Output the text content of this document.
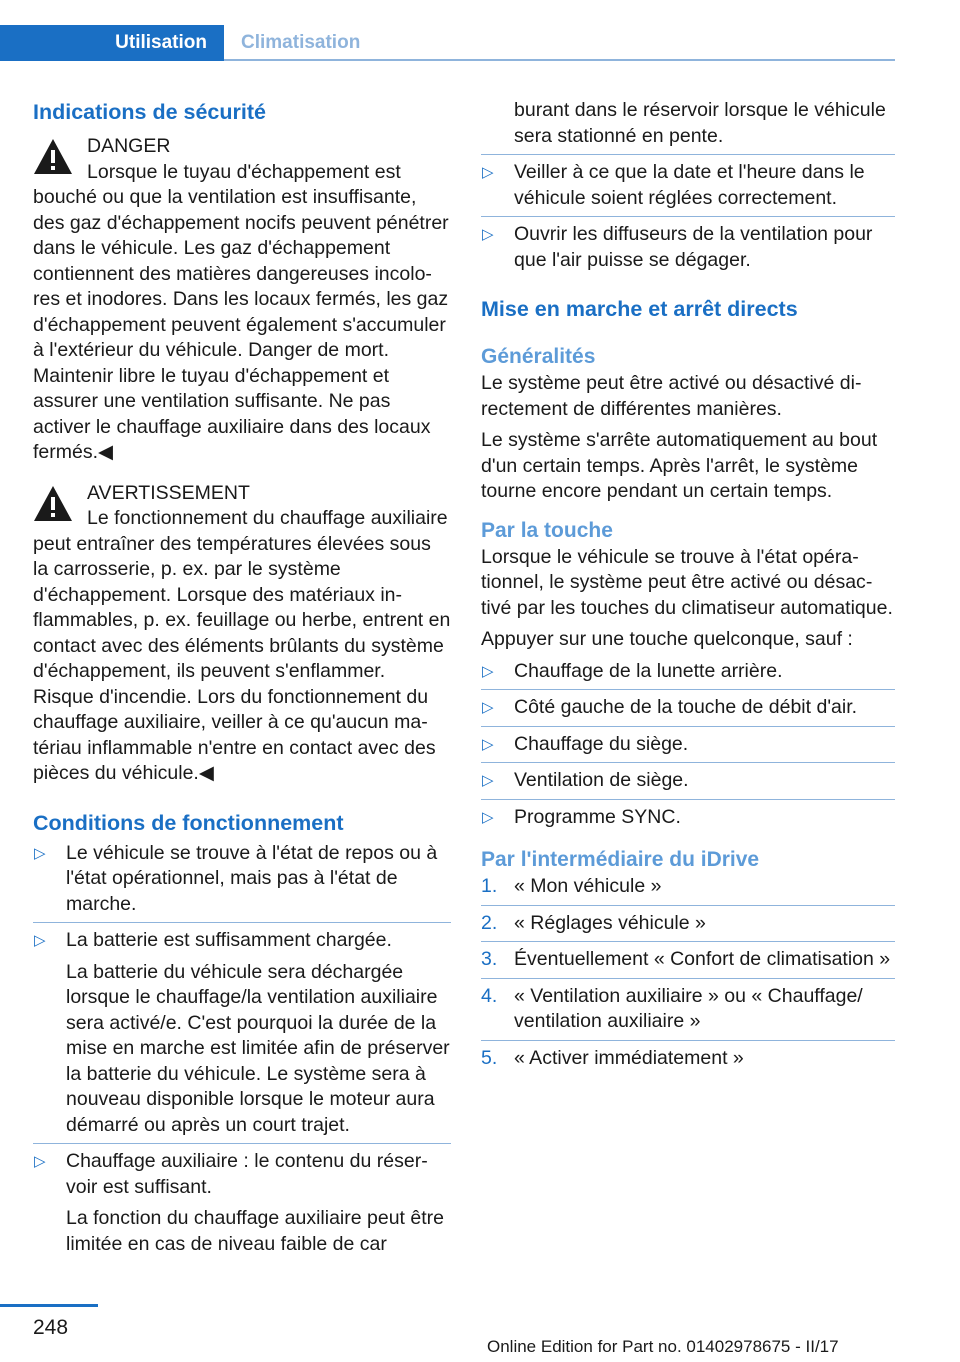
Utilisation	Climatisation
Indications de sécurité
DANGER
Lorsque le tuyau d'échappement est bouché ou que la ventilation est insuffisante, des gaz d'échappement nocifs peuvent pénétrer dans le véhicule. Les gaz d'échappement contiennent des matières dangereuses incolores et inodores. Dans les locaux fermés, les gaz d'échappement peuvent également s'accumuler à l'extérieur du véhicule. Danger de mort. Maintenir libre le tuyau d'échappement et assurer une ventilation suffisante. Ne pas activer le chauffage auxiliaire dans des locaux fermés.◀
AVERTISSEMENT
Le fonctionnement du chauffage auxiliaire peut entraîner des températures élevées sous la carrosserie, p. ex. par le système d'échappement. Lorsque des matériaux inflammables, p. ex. feuillage ou herbe, entrent en contact avec des éléments brûlants du système d'échappement, ils peuvent s'enflammer. Risque d'incendie. Lors du fonctionnement du chauffage auxiliaire, veiller à ce qu'aucun matériau inflammable n'entre en contact avec des pièces du véhicule.◀
Conditions de fonctionnement
▷ Le véhicule se trouve à l'état de repos ou à l'état opérationnel, mais pas à l'état de marche.
▷ La batterie est suffisamment chargée.

La batterie du véhicule sera déchargée lorsque le chauffage/la ventilation auxiliaire sera activé/e. C'est pourquoi la durée de la mise en marche est limitée afin de préserver la batterie du véhicule. Le système sera à nouveau disponible lorsque le moteur aura démarré ou après un court trajet.

▷ Chauffage auxiliaire : le contenu du réservoir est suffisant.

La fonction du chauffage auxiliaire peut être limitée en cas de niveau faible de car

burant dans le réservoir lorsque le véhicule sera stationné en pente.
▷ Veiller à ce que la date et l'heure dans le véhicule soient réglées correctement.
▷ Ouvrir les diffuseurs de la ventilation pour que l'air puisse se dégager.
Mise en marche et arrêt directs
Généralités

Le système peut être activé ou désactivé directement de différentes manières.

Le système s'arrête automatiquement au bout d'un certain temps. Après l'arrêt, le système tourne encore pendant un certain temps.

Par la touche

Lorsque le véhicule se trouve à l'état opérationnel, le système peut être activé ou désactivé par les touches du climatiseur automatique.

Appuyer sur une touche quelconque, sauf :

▷ Chauffage de la lunette arrière.
▷ Côté gauche de la touche de débit d'air.
▷ Chauffage du siège.
▷ Ventilation de siège.
▷ Programme SYNC.
Par l'intermédiaire du iDrive
1. « Mon véhicule »
2. « Réglages véhicule »
3. Éventuellement « Confort de climatisation »
4. « Ventilation auxiliaire » ou « Chauffage/ ventilation auxiliaire »
5. « Activer immédiatement »
248
Online Edition for Part no. 01402978675 - II/17
